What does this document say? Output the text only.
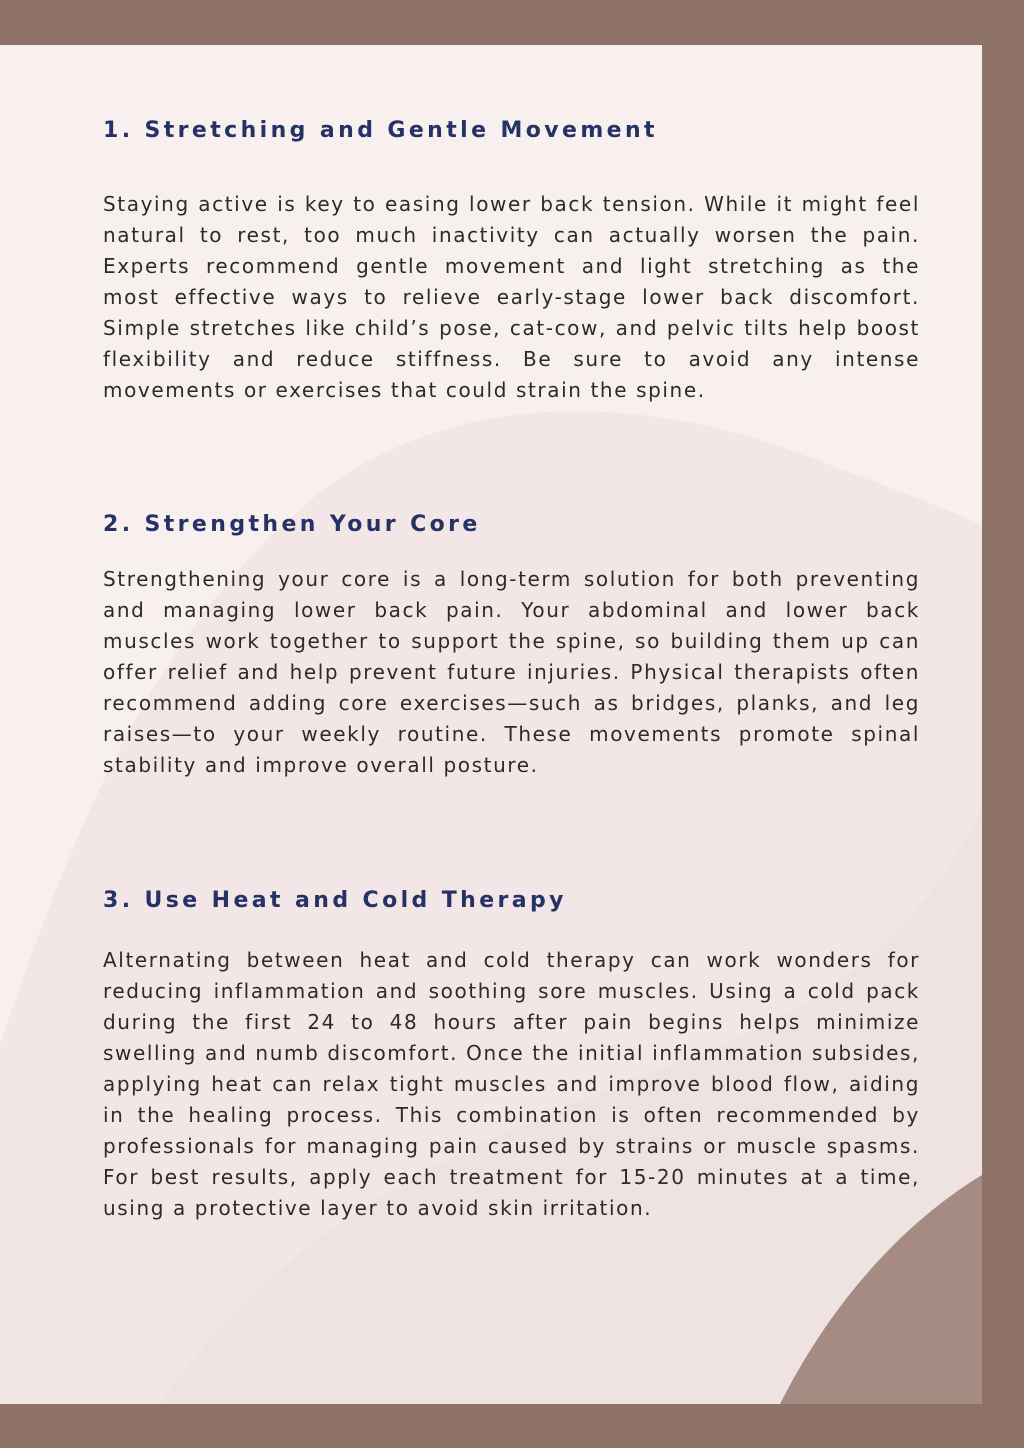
1. Stretching and Gentle Movement

Staying active is key to easing lower back tension. While it might feel natural to rest, too much inactivity can actually worsen the pain. Experts recommend gentle movement and light stretching as the most effective ways to relieve early-stage lower back discomfort. Simple stretches like child’s pose, cat-cow, and pelvic tilts help boost flexibility and reduce stiffness. Be sure to avoid any intense movements or exercises that could strain the spine.

2. Strengthen Your Core

Strengthening your core is a long-term solution for both preventing and managing lower back pain. Your abdominal and lower back muscles work together to support the spine, so building them up can offer relief and help prevent future injuries. Physical therapists often recommend adding core exercises—such as bridges, planks, and leg raises—to your weekly routine. These movements promote spinal stability and improve overall posture.

3. Use Heat and Cold Therapy

Alternating between heat and cold therapy can work wonders for reducing inflammation and soothing sore muscles. Using a cold pack during the first 24 to 48 hours after pain begins helps minimize swelling and numb discomfort. Once the initial inflammation subsides, applying heat can relax tight muscles and improve blood flow, aiding in the healing process. This combination is often recommended by professionals for managing pain caused by strains or muscle spasms. For best results, apply each treatment for 15-20 minutes at a time, using a protective layer to avoid skin irritation.
